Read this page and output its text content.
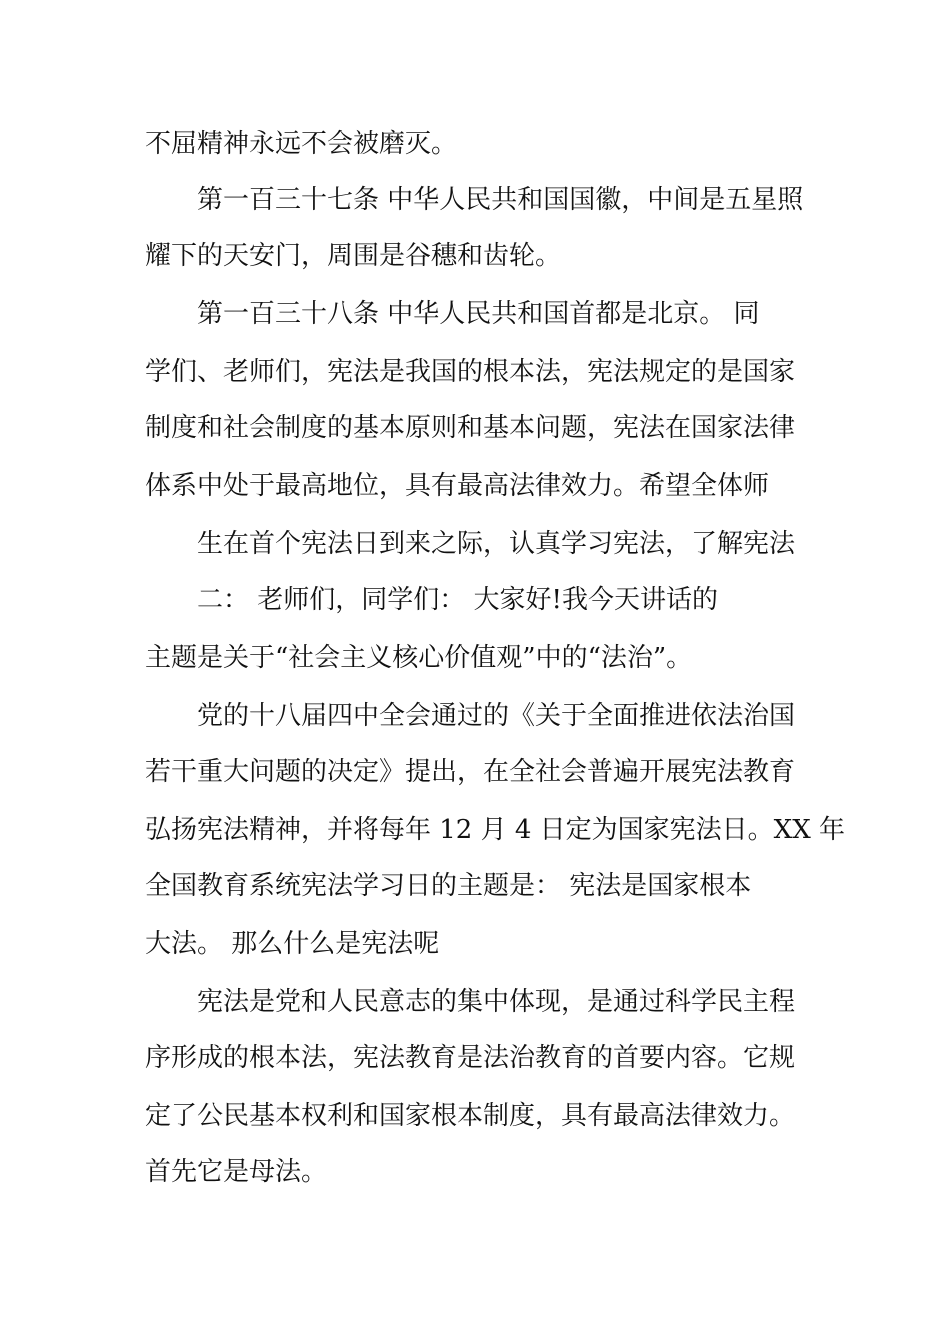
不屈精神永远不会被磨灭。

第一百三十七条 中华人民共和国国徽，中间是五星照

耀下的天安门，周围是谷穗和齿轮。

第一百三十八条 中华人民共和国首都是北京。 同

学们、老师们，宪法是我国的根本法，宪法规定的是国家

制度和社会制度的基本原则和基本问题，宪法在国家法律

体系中处于最高地位，具有最高法律效力。希望全体师

生在首个宪法日到来之际，认真学习宪法，了解宪法

二： 老师们，同学们： 大家好!我今天讲话的

主题是关于“社会主义核心价值观”中的“法治”。

党的十八届四中全会通过的《关于全面推进依法治国

若干重大问题的决定》提出，在全社会普遍开展宪法教育

弘扬宪法精神，并将每年 12 月 4 日定为国家宪法日。XX 年

全国教育系统宪法学习日的主题是： 宪法是国家根本

大法。 那么什么是宪法呢

宪法是党和人民意志的集中体现，是通过科学民主程

序形成的根本法，宪法教育是法治教育的首要内容。它规

定了公民基本权利和国家根本制度，具有最高法律效力。

首先它是母法。
